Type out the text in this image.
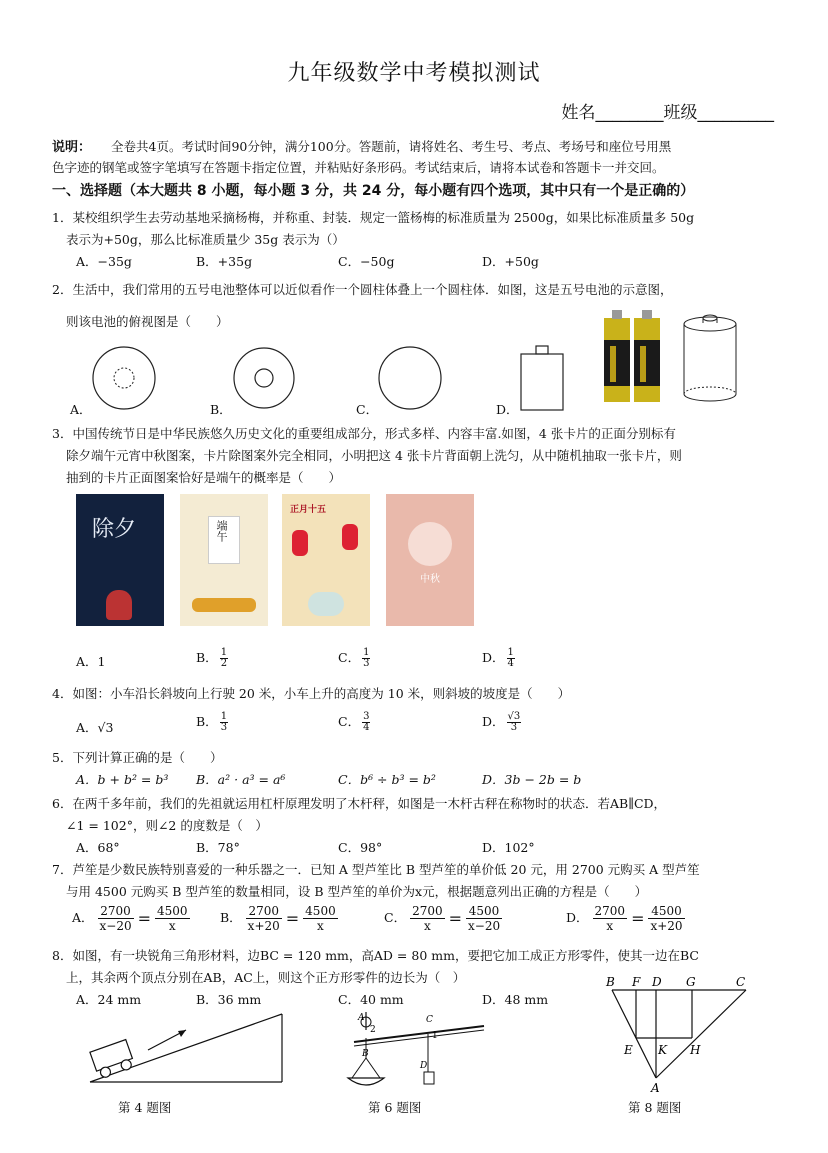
九年级数学中考模拟测试
姓名________班级_________
说明： 全卷共4页。考试时间90分钟，满分100分。答题前，请将姓名、考生号、考点、考场号和座位号用黑
色字迹的钢笔或签字笔填写在答题卡指定位置，并粘贴好条形码。考试结束后，请将本试卷和答题卡一并交回。
一、选择题（本大题共 8 小题，每小题 3 分，共 24 分，每小题有四个选项，其中只有一个是正确的）
1．某校组织学生去劳动基地采摘杨梅，并称重、封装．规定一篮杨梅的标准质量为 2500g，如果比标准质量多 50g
表示为+50g，那么比标准质量少 35g 表示为（）
A．−35g	B．+35g	C．−50g	D．+50g
2．生活中，我们常用的五号电池整体可以近似看作一个圆柱体叠上一个圆柱体．如图，这是五号电池的示意图，
则该电池的俯视图是（　　）
A．	B．	C．	D．
3．中国传统节日是中华民族悠久历史文化的重要组成部分，形式多样、内容丰富.如图，4 张卡片的正面分别标有
除夕端午元宵中秋图案，卡片除图案外完全相同，小明把这 4 张卡片背面朝上洗匀，从中随机抽取一张卡片，则
抽到的卡片正面图案恰好是端午的概率是（　　）
除夕	端午
正月十五
中秋
A．1	B． $\frac{1}{2}$	C． $\frac{1}{3}$	D． $\frac{1}{4}$
4．如图：小车沿长斜坡向上行驶 20 米，小车上升的高度为 10 米，则斜坡的坡度是（　　）
A．√3	B． $\frac{1}{3}$	C． $\frac{3}{4}$	D． $\frac{√3}{3}$
5．下列计算正确的是（　　）
A．b + b² = b³ B．a² · a³ = a⁶	C．b⁶ ÷ b³ = b²	D．3b − 2b = b
6．在两千多年前，我们的先祖就运用杠杆原理发明了木杆秤，如图是一木杆古秤在称物时的状态．若AB∥CD，
∠1 = 102°，则∠2 的度数是（　）
A．68°	B．78°	C．98°	D．102°
7．芦笙是少数民族特别喜爱的一种乐器之一．已知 A 型芦笙比 B 型芦笙的单价低 20 元，用 2700 元购买 A 型芦笙
与用 4500 元购买 B 型芦笙的数量相同，设 B 型芦笙的单价为x元，根据题意列出正确的方程是（　　）
A． $\frac{2700}{x-20} = \frac{4500}{x}$ B． $\frac{2700}{x+20} = \frac{4500}{x}$	C． $\frac{2700}{x} = \frac{4500}{x-20}$	D． $\frac{2700}{x} = \frac{4500}{x+20}$
8．如图，有一块锐角三角形材料，边BC = 120 mm，高AD = 80 mm，要把它加工成正方形零件，使其一边在BC
上，其余两个顶点分别在AB，AC上，则这个正方形零件的边长为（　）
A．24 mm	B．36 mm	C．40 mm	D．48 mm
第 4 题图
A
2
B
C
1
D
第 6 题图
B F D G	C
E K H
A
第 8 题图
